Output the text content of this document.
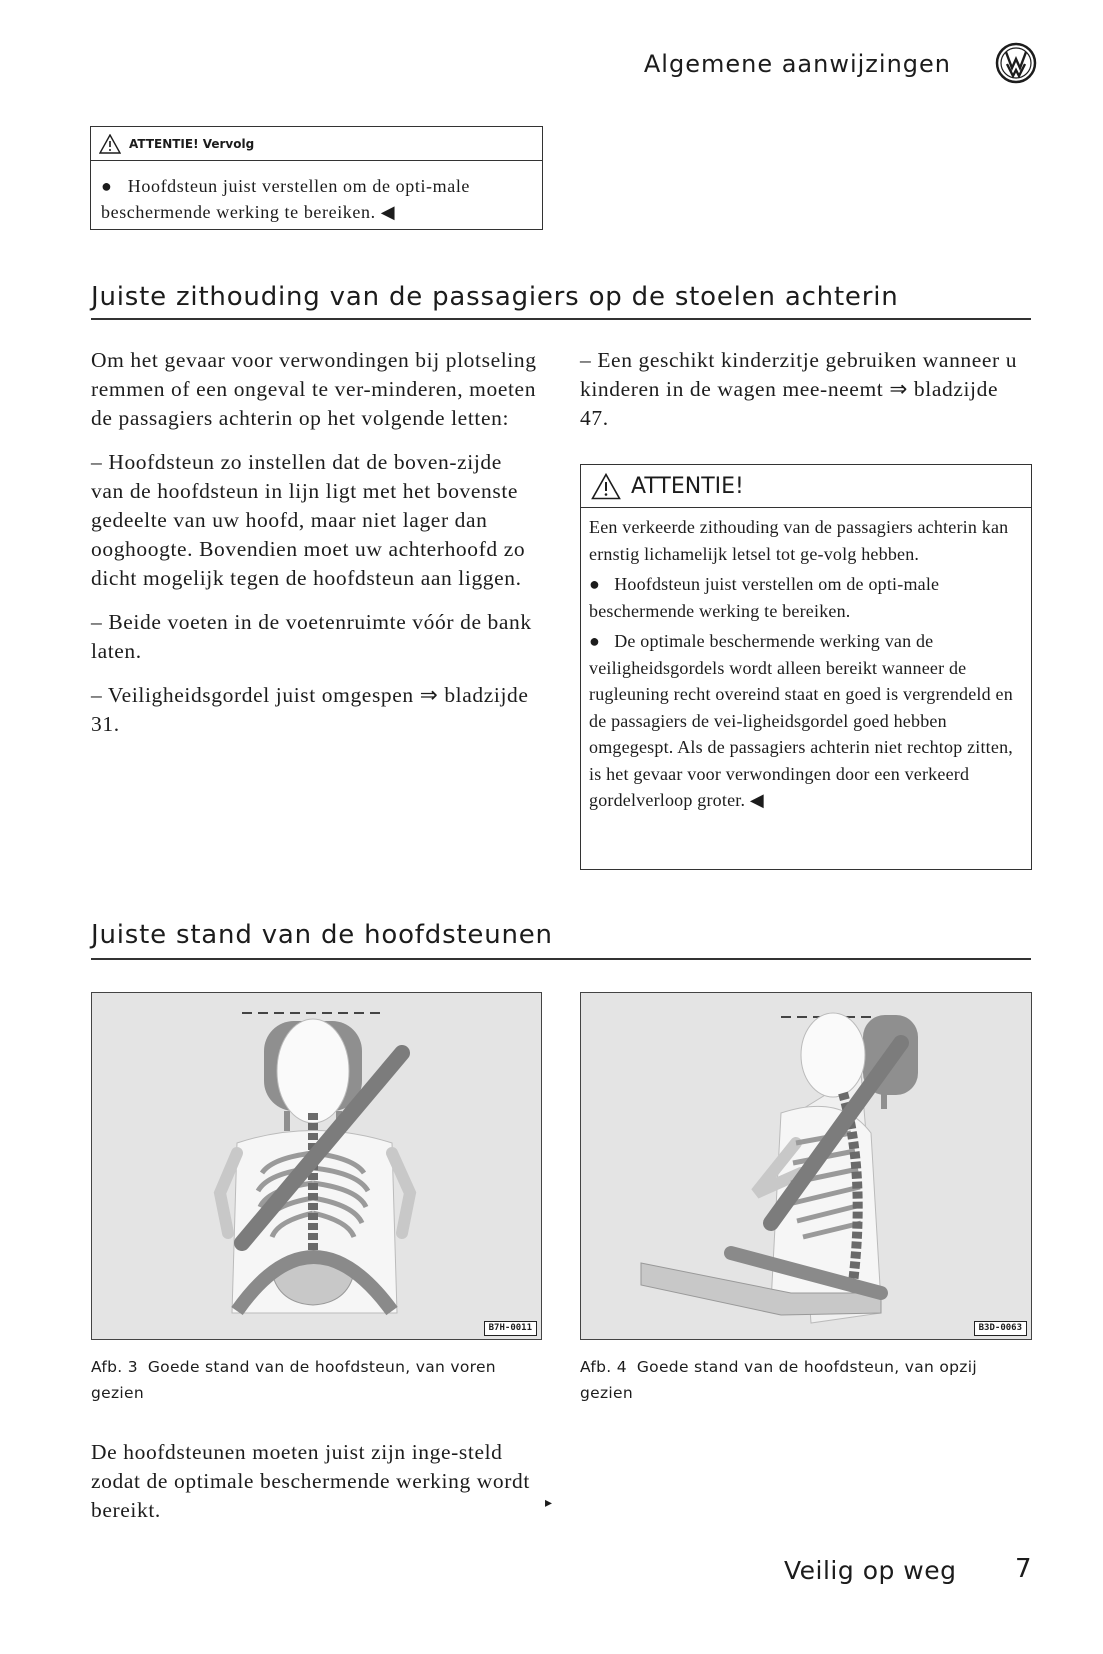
Algemene aanwijzingen
ATTENTIE! Vervolg

●   Hoofdsteun juist verstellen om de opti-male beschermende werking te bereiken. ◀

Juiste zithouding van de passagiers op de stoelen achterin

Om het gevaar voor verwondingen bij plotseling remmen of een ongeval te ver-minderen, moeten de passagiers achterin op het volgende letten:

– Hoofdsteun zo instellen dat de boven-zijde van de hoofdsteun in lijn ligt met het bovenste gedeelte van uw hoofd, maar niet lager dan ooghoogte. Bovendien moet uw achterhoofd zo dicht mogelijk tegen de hoofdsteun aan liggen.

– Beide voeten in de voetenruimte vóór de bank laten.

– Veiligheidsgordel juist omgespen ⇒ bladzijde 31.

– Een geschikt kinderzitje gebruiken wanneer u kinderen in de wagen mee-neemt ⇒ bladzijde 47.

ATTENTIE!

Een verkeerde zithouding van de passagiers achterin kan ernstig lichamelijk letsel tot ge-volg hebben.

●   Hoofdsteun juist verstellen om de opti-male beschermende werking te bereiken.

●   De optimale beschermende werking van de veiligheidsgordels wordt alleen bereikt wanneer de rugleuning recht overeind staat en goed is vergrendeld en de passagiers de vei-ligheidsgordel goed hebben omgegespt. Als de passagiers achterin niet rechtop zitten, is het gevaar voor verwondingen door een verkeerd gordelverloop groter. ◀

Juiste stand van de hoofdsteunen
B7H-0011	B3D-0063
Afb. 3 Goede stand van de hoofdsteun, van voren gezien
Afb. 4 Goede stand van de hoofdsteun, van opzij gezien
De hoofdsteunen moeten juist zijn inge-steld zodat de optimale beschermende werking wordt bereikt.	▸
Veilig op weg 7
